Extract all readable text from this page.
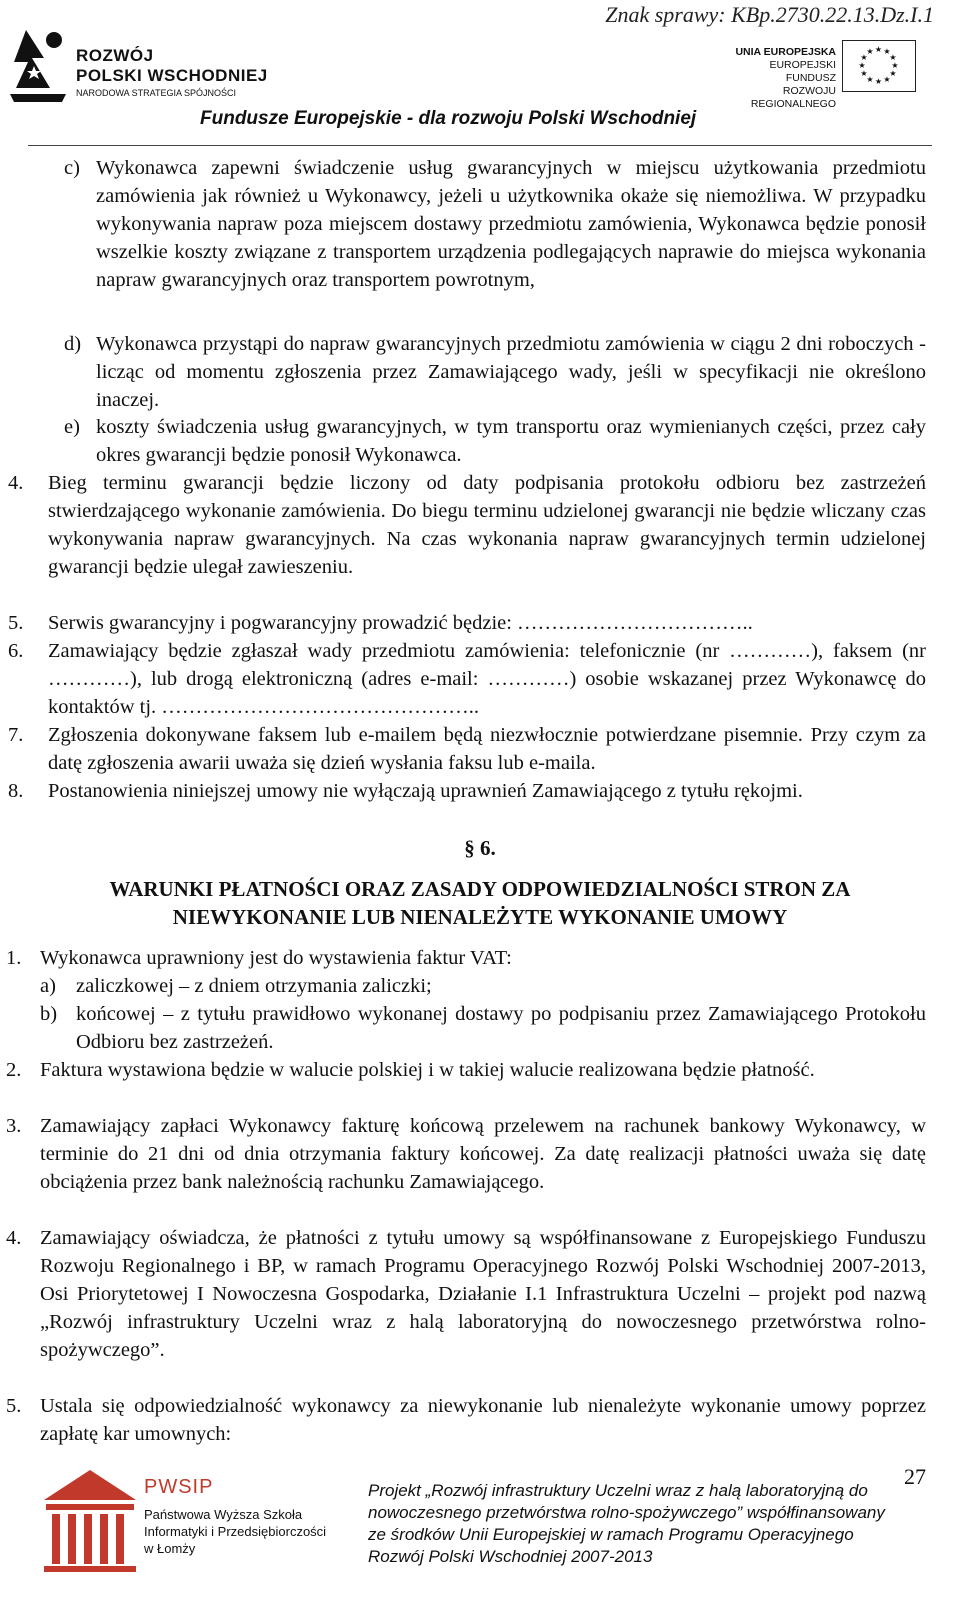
Znak sprawy: KBp.2730.22.13.Dz.I.1
ROZWÓJ
POLSKI WSCHODNIEJ
NARODOWA STRATEGIA SPÓJNOŚCI
UNIA EUROPEJSKA
EUROPEJSKI FUNDUSZ
ROZWOJU REGIONALNEGO
★ ★
★
★
★
★
★
★
★
★
★
★
Fundusze Europejskie - dla rozwoju Polski Wschodniej
c) Wykonawca zapewni świadczenie usług gwarancyjnych w miejscu użytkowania przedmiotu zamówienia jak również u Wykonawcy, jeżeli u użytkownika okaże się niemożliwa. W przypadku wykonywania napraw poza miejscem dostawy przedmiotu zamówienia, Wykonawca będzie ponosił wszelkie koszty związane z transportem urządzenia podlegających naprawie do miejsca wykonania napraw gwarancyjnych oraz transportem powrotnym,

d) Wykonawca przystąpi do napraw gwarancyjnych przedmiotu zamówienia w ciągu 2 dni roboczych - licząc od momentu zgłoszenia przez Zamawiającego wady, jeśli w specyfikacji nie określono inaczej.

e) koszty świadczenia usług gwarancyjnych, w tym transportu oraz wymienianych części, przez cały okres gwarancji będzie ponosił Wykonawca.

4. Bieg terminu gwarancji będzie liczony od daty podpisania protokołu odbioru bez zastrzeżeń stwierdzającego wykonanie zamówienia. Do biegu terminu udzielonej gwarancji nie będzie wliczany czas wykonywania napraw gwarancyjnych. Na czas wykonania napraw gwarancyjnych termin udzielonej gwarancji będzie ulegał zawieszeniu.

5. Serwis gwarancyjny i pogwarancyjny prowadzić będzie: ……………………………..

6. Zamawiający będzie zgłaszał wady przedmiotu zamówienia: telefonicznie (nr …………), faksem (nr …………), lub drogą elektroniczną (adres e-mail: …………) osobie wskazanej przez Wykonawcę do kontaktów tj. ………………………………………..

7. Zgłoszenia dokonywane faksem lub e-mailem będą niezwłocznie potwierdzane pisemnie. Przy czym za datę zgłoszenia awarii uważa się dzień wysłania faksu lub e-maila.

8. Postanowienia niniejszej umowy nie wyłączają uprawnień Zamawiającego z tytułu rękojmi.

§ 6.
WARUNKI PŁATNOŚCI ORAZ ZASADY ODPOWIEDZIALNOŚCI STRON ZA
NIEWYKONANIE LUB NIENALEŻYTE WYKONANIE UMOWY
1. Wykonawca uprawniony jest do wystawienia faktur VAT:

a) zaliczkowej – z dniem otrzymania zaliczki;

b) końcowej – z tytułu prawidłowo wykonanej dostawy po podpisaniu przez Zamawiającego Protokołu Odbioru bez zastrzeżeń.

2. Faktura wystawiona będzie w walucie polskiej i w takiej walucie realizowana będzie płatność.

3. Zamawiający zapłaci Wykonawcy fakturę końcową przelewem na rachunek bankowy Wykonawcy, w terminie do 21 dni od dnia otrzymania faktury końcowej. Za datę realizacji płatności uważa się datę obciążenia przez bank należnością rachunku Zamawiającego.

4. Zamawiający oświadcza, że płatności z tytułu umowy są współfinansowane z Europejskiego Funduszu Rozwoju Regionalnego i BP, w ramach Programu Operacyjnego Rozwój Polski Wschodniej 2007-2013, Osi Priorytetowej I Nowoczesna Gospodarka, Działanie I.1 Infrastruktura Uczelni – projekt pod nazwą „Rozwój infrastruktury Uczelni wraz z halą laboratoryjną do nowoczesnego przetwórstwa rolno-spożywczego”.

5. Ustala się odpowiedzialność wykonawcy za niewykonanie lub nienależyte wykonanie umowy poprzez zapłatę kar umownych:

27
PWSIP
Państwowa Wyższa Szkoła
Informatyki i Przedsiębiorczości
w Łomży
Projekt „Rozwój infrastruktury Uczelni wraz z halą laboratoryjną do
nowoczesnego przetwórstwa rolno-spożywczego” współfinansowany
ze środków Unii Europejskiej w ramach Programu Operacyjnego
Rozwój Polski Wschodniej 2007-2013
